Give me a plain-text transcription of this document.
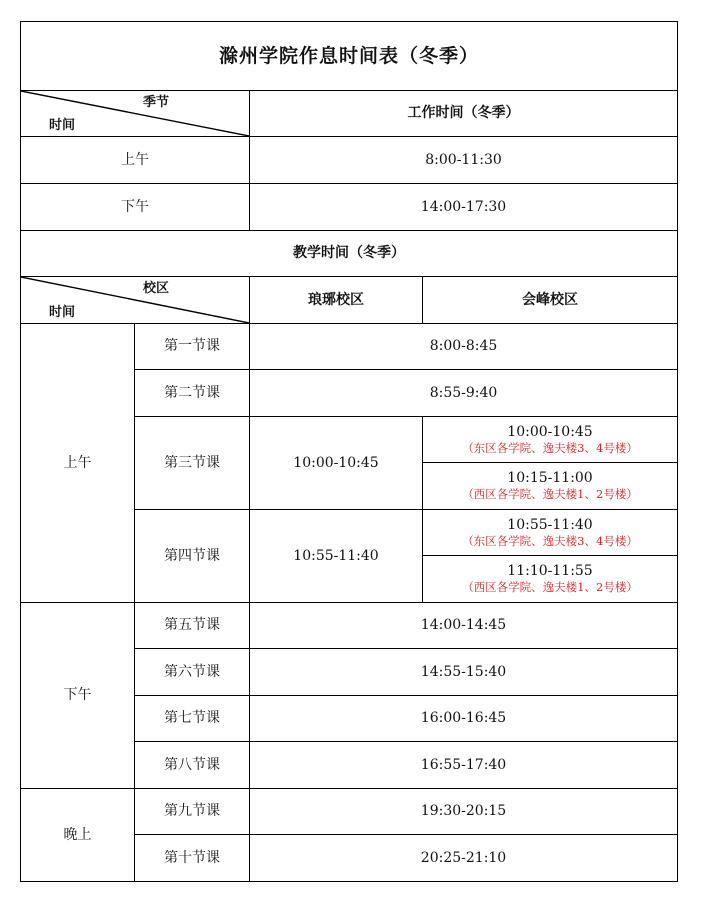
滁州学院作息时间表（冬季）			

季节
时间		工作时间（冬季）	
上午		8:00-11:30	
下午		14:00-17:30	
教学时间（冬季）			

校区
时间		琅琊校区	会峰校区
上午	第一节课	8:00-8:45	
	第二节课	8:55-9:40	
	第三节课	10:00-10:45	10:00-10:45
（东区各学院、逸夫楼3、4号楼）

			10:15-11:00
（西区各学院、逸夫楼1、2号楼）

	第四节课	10:55-11:40	10:55-11:40
（东区各学院、逸夫楼3、4号楼）

			11:10-11:55
（西区各学院、逸夫楼1、2号楼）

下午	第五节课	14:00-14:45	
	第六节课	14:55-15:40	
	第七节课	16:00-16:45	
	第八节课	16:55-17:40	
晚上	第九节课	19:30-20:15	
	第十节课	20:25-21:10	
